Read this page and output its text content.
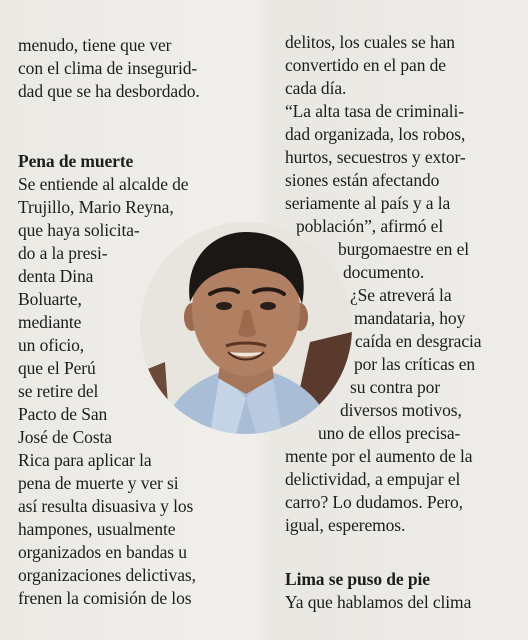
menudo, tiene que ver
con el clima de insegurid-
dad que se ha desbordado.
Pena de muerte
Se entiende al alcalde de
Trujillo, Mario Reyna,
que haya solicita-
do a la presi-
denta Dina
Boluarte,
mediante
un oficio,
que el Perú
se retire del
Pacto de San
José de Costa
Rica para aplicar la
pena de muerte y ver si
así resulta disuasiva y los
hampones, usualmente
organizados en bandas u
organizaciones delictivas,
frenen la comisión de los
delitos, los cuales se han
convertido en el pan de
cada día.
“La alta tasa de criminali-
dad organizada, los robos,
hurtos, secuestros y extor-
siones están afectando
seriamente al país y a la
población”, afirmó el
burgomaestre en el
documento.
¿Se atreverá la
mandataria, hoy
caída en desgracia
por las críticas en
su contra por
diversos motivos,
uno de ellos precisa-
mente por el aumento de la
delictividad, a empujar el
carro? Lo dudamos. Pero,
igual, esperemos.
Lima se puso de pie
Ya que hablamos del clima
